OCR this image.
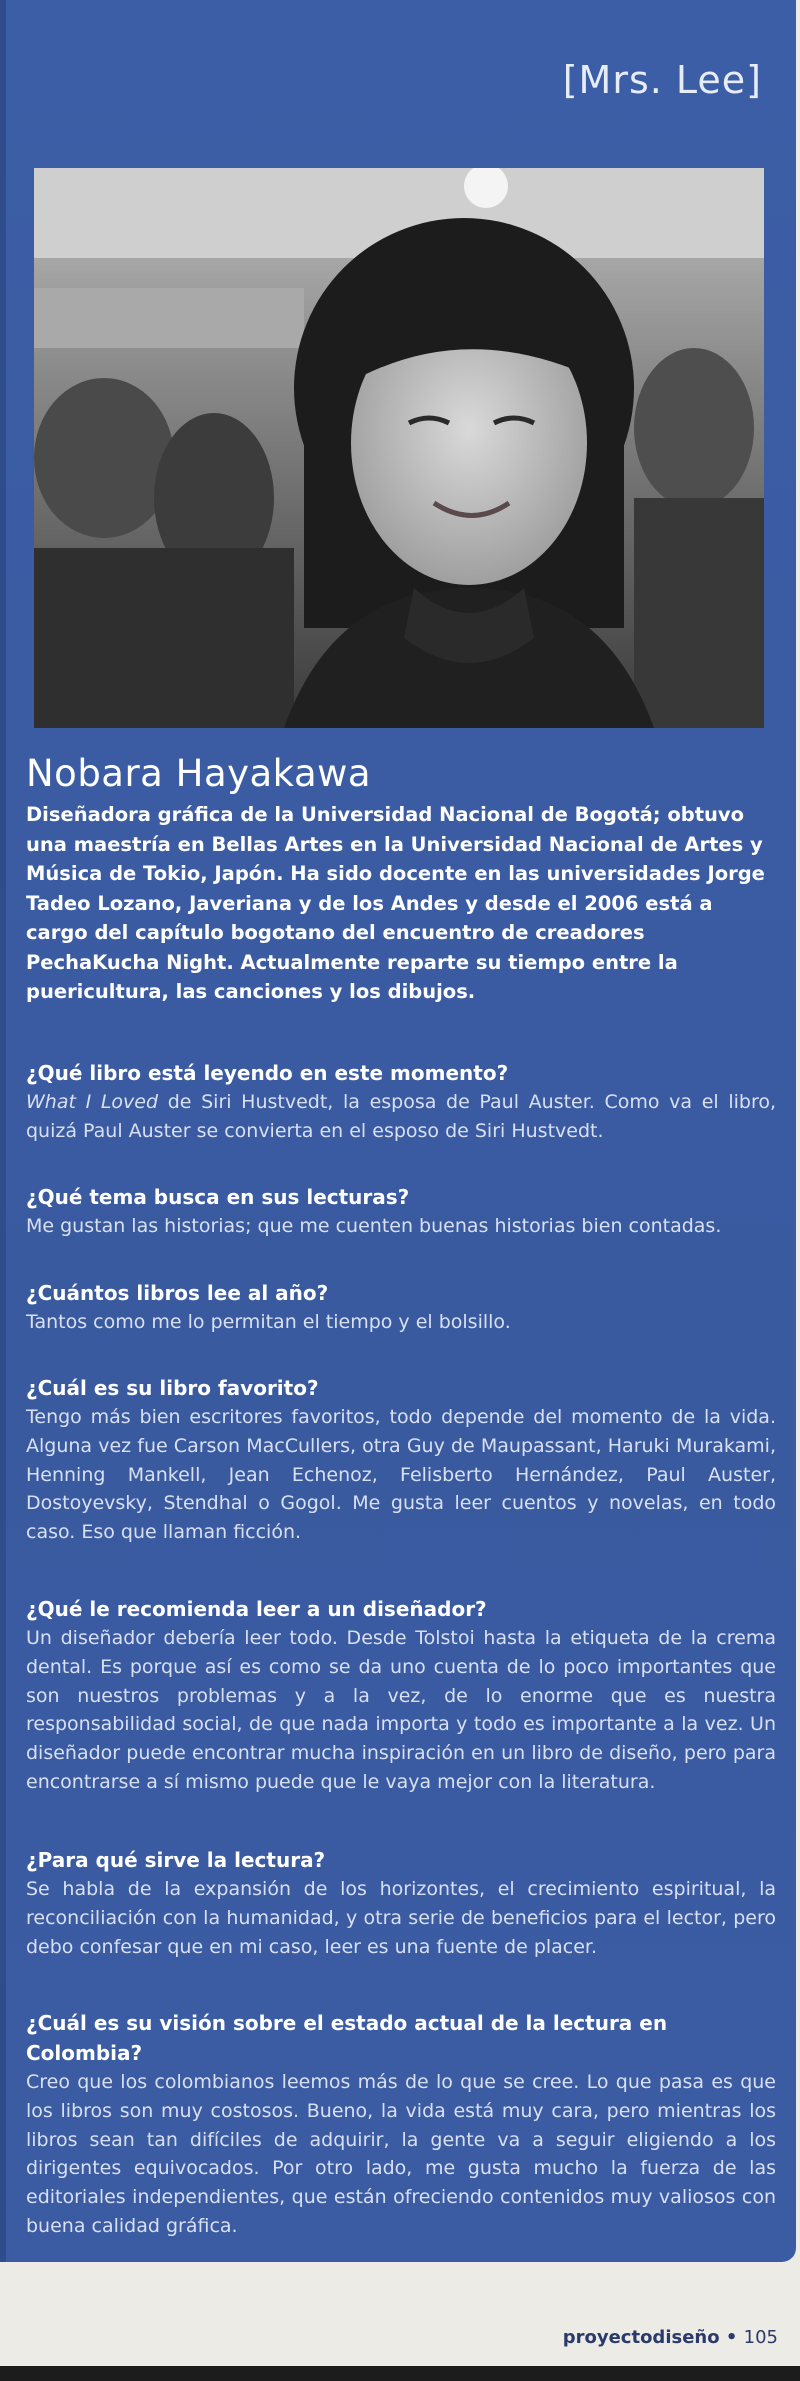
[Mrs. Lee]
Nobara Hayakawa
Diseñadora gráfica de la Universidad Nacional de Bogotá; obtuvo una maestría en Bellas Artes en la Universidad Nacional de Artes y Música de Tokio, Japón. Ha sido docente en las universidades Jorge Tadeo Lozano, Javeriana y de los Andes y desde el 2006 está a cargo del capítulo bogotano del encuentro de creadores PechaKucha Night. Actualmente reparte su tiempo entre la puericultura, las canciones y los dibujos.

¿Qué libro está leyendo en este momento?

What I Loved de Siri Hustvedt, la esposa de Paul Auster. Como va el libro, quizá Paul Auster se convierta en el esposo de Siri Hustvedt.

¿Qué tema busca en sus lecturas?

Me gustan las historias; que me cuenten buenas historias bien contadas.

¿Cuántos libros lee al año?

Tantos como me lo permitan el tiempo y el bolsillo.

¿Cuál es su libro favorito?

Tengo más bien escritores favoritos, todo depende del momento de la vida. Alguna vez fue Carson MacCullers, otra Guy de Maupassant, Haruki Murakami, Henning Mankell, Jean Echenoz, Felisberto Hernández, Paul Auster, Dostoyevsky, Stendhal o Gogol. Me gusta leer cuentos y novelas, en todo caso. Eso que llaman ficción.

¿Qué le recomienda leer a un diseñador?

Un diseñador debería leer todo. Desde Tolstoi hasta la etiqueta de la crema dental. Es porque así es como se da uno cuenta de lo poco importantes que son nuestros problemas y a la vez, de lo enorme que es nuestra responsabilidad social, de que nada importa y todo es importante a la vez. Un diseñador puede encontrar mucha inspiración en un libro de diseño, pero para encontrarse a sí mismo puede que le vaya mejor con la literatura.

¿Para qué sirve la lectura?

Se habla de la expansión de los horizontes, el crecimiento espiritual, la reconciliación con la humanidad, y otra serie de beneficios para el lector, pero debo confesar que en mi caso, leer es una fuente de placer.

¿Cuál es su visión sobre el estado actual de la lectura en Colombia?

Creo que los colombianos leemos más de lo que se cree. Lo que pasa es que los libros son muy costosos. Bueno, la vida está muy cara, pero mientras los libros sean tan difíciles de adquirir, la gente va a seguir eligiendo a los dirigentes equivocados. Por otro lado, me gusta mucho la fuerza de las editoriales independientes, que están ofreciendo contenidos muy valiosos con buena calidad gráfica.

proyectodiseño • 105
